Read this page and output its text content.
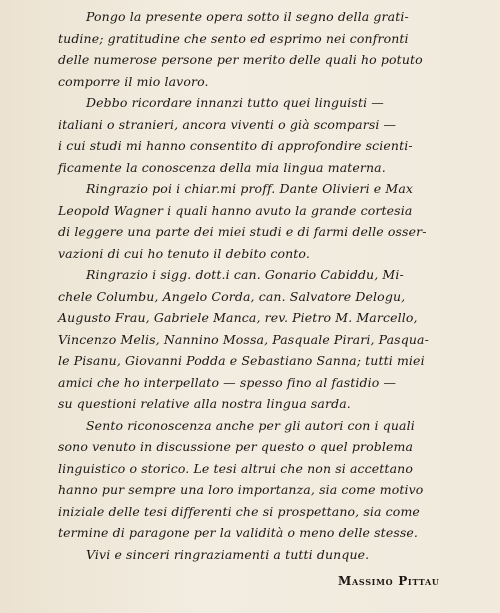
Pongo la presente opera sotto il segno della grati-
tudine; gratitudine che sento ed esprimo nei confronti
delle numerose persone per merito delle quali ho potuto
comporre il mio lavoro.
Debbo ricordare innanzi tutto quei linguisti —
italiani o stranieri, ancora viventi o già scomparsi —
i cui studi mi hanno consentito di approfondire scienti-
ficamente la conoscenza della mia lingua materna.
Ringrazio poi i chiar.mi proff. Dante Olivieri e Max
Leopold Wagner i quali hanno avuto la grande cortesia
di leggere una parte dei miei studi e di farmi delle osser-
vazioni di cui ho tenuto il debito conto.
Ringrazio i sigg. dott.i can. Gonario Cabiddu, Mi-
chele Columbu, Angelo Corda, can. Salvatore Delogu,
Augusto Frau, Gabriele Manca, rev. Pietro M. Marcello,
Vincenzo Melis, Nannino Mossa, Pasquale Pirari, Pasqua-
le Pisanu, Giovanni Podda e Sebastiano Sanna; tutti miei
amici che ho interpellato — spesso fino al fastidio —
su questioni relative alla nostra lingua sarda.
Sento riconoscenza anche per gli autori con i quali
sono venuto in discussione per questo o quel problema
linguistico o storico. Le tesi altrui che non si accettano
hanno pur sempre una loro importanza, sia come motivo
iniziale delle tesi differenti che si prospettano, sia come
termine di paragone per la validità o meno delle stesse.
Vivi e sinceri ringraziamenti a tutti dunque.
Massimo Pittau
